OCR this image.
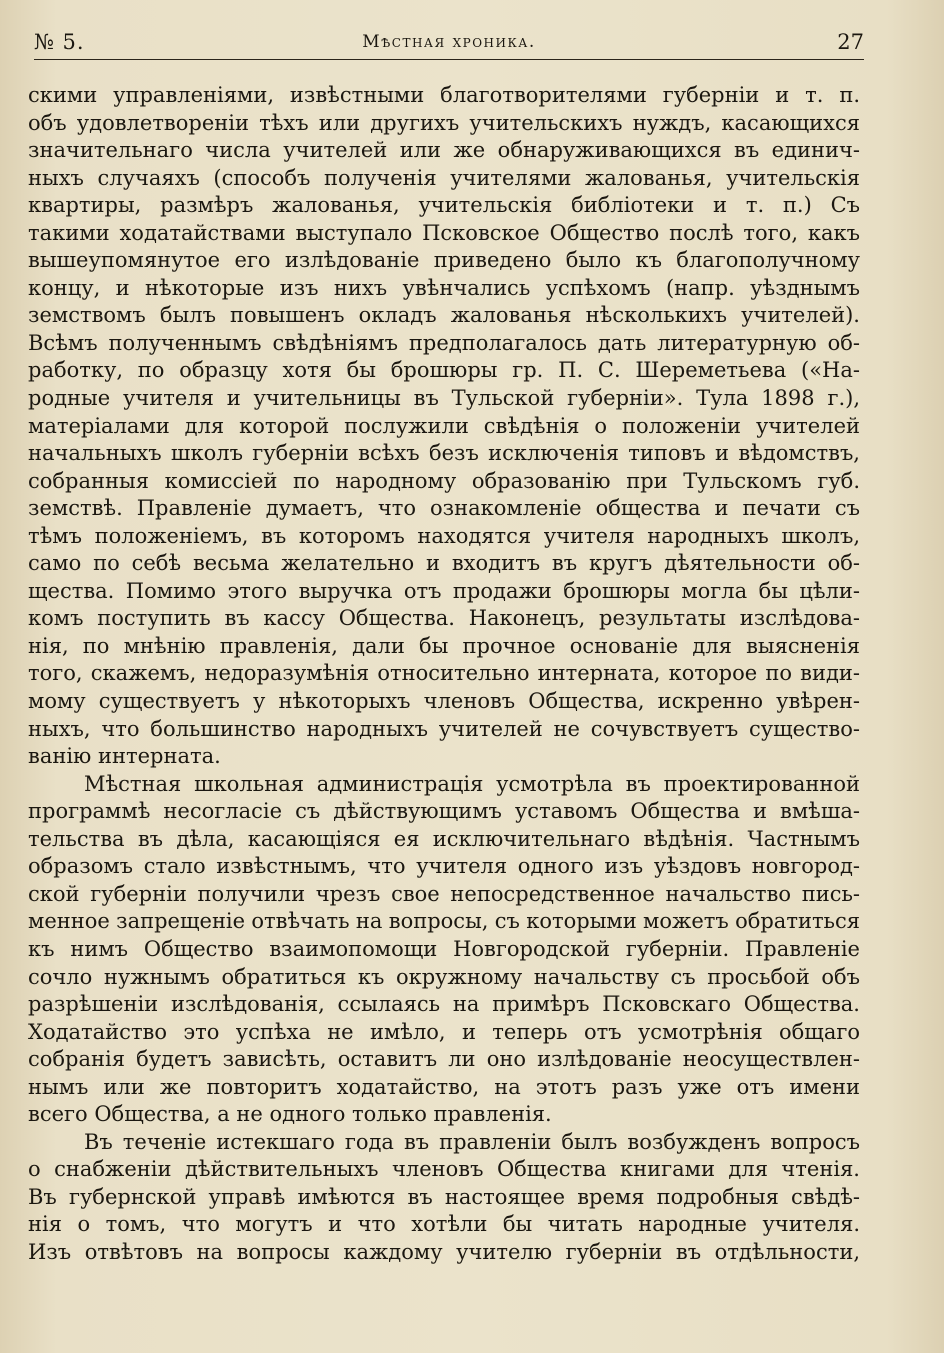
№ 5.	Мѣстная хроника.	27
скими управленіями, извѣстными благотворителями губерніи и т. п.
объ удовлетвореніи тѣхъ или другихъ учительскихъ нуждъ, касающихся
значительнаго числа учителей или же обнаруживающихся въ единич-
ныхъ случаяхъ (способъ полученія учителями жалованья, учительскія
квартиры, размѣръ жалованья, учительскія библіотеки и т. п.) Съ
такими ходатайствами выступало Псковское Общество послѣ того, какъ
вышеупомянутое его излѣдованіе приведено было къ благополучному
концу, и нѣкоторые изъ нихъ увѣнчались успѣхомъ (напр. уѣзднымъ
земствомъ былъ повышенъ окладъ жалованья нѣсколькихъ учителей).
Всѣмъ полученнымъ свѣдѣніямъ предполагалось дать литературную об-
работку, по образцу хотя бы брошюры гр. П. С. Шереметьева («На-
родные учителя и учительницы въ Тульской губерніи». Тула 1898 г.),
матеріалами для которой послужили свѣдѣнія о положеніи учителей
начальныхъ школъ губерніи всѣхъ безъ исключенія типовъ и вѣдомствъ,
собранныя комиссіей по народному образованію при Тульскомъ губ.
земствѣ. Правленіе думаетъ, что ознакомленіе общества и печати съ
тѣмъ положеніемъ, въ которомъ находятся учителя народныхъ школъ,
само по себѣ весьма желательно и входитъ въ кругъ дѣятельности об-
щества. Помимо этого выручка отъ продажи брошюры могла бы цѣли-
комъ поступить въ кассу Общества. Наконецъ, результаты изслѣдова-
нія, по мнѣнію правленія, дали бы прочное основаніе для выясненія
того, скажемъ, недоразумѣнія относительно интерната, которое по види-
мому существуетъ у нѣкоторыхъ членовъ Общества, искренно увѣрен-
ныхъ, что большинство народныхъ учителей не сочувствуетъ существо-
ванію интерната.
Мѣстная школьная администрація усмотрѣла въ проектированной
программѣ несогласіе съ дѣйствующимъ уставомъ Общества и вмѣша-
тельства въ дѣла, касающіяся ея исключительнаго вѣдѣнія. Частнымъ
образомъ стало извѣстнымъ, что учителя одного изъ уѣздовъ новгород-
ской губерніи получили чрезъ свое непосредственное начальство пись-
менное запрещеніе отвѣчать на вопросы, съ которыми можетъ обратиться
къ нимъ Общество взаимопомощи Новгородской губерніи. Правленіе
сочло нужнымъ обратиться къ окружному начальству съ просьбой объ
разрѣшеніи изслѣдованія, ссылаясь на примѣръ Псковскаго Общества.
Ходатайство это успѣха не имѣло, и теперь отъ усмотрѣнія общаго
собранія будетъ зависѣть, оставитъ ли оно излѣдованіе неосуществлен-
нымъ или же повторитъ ходатайство, на этотъ разъ уже отъ имени
всего Общества, а не одного только правленія.
Въ теченіе истекшаго года въ правленіи былъ возбужденъ вопросъ
о снабженіи дѣйствительныхъ членовъ Общества книгами для чтенія.
Въ губернской управѣ имѣются въ настоящее время подробныя свѣдѣ-
нія о томъ, что могутъ и что хотѣли бы читать народные учителя.
Изъ отвѣтовъ на вопросы каждому учителю губерніи въ отдѣльности,
